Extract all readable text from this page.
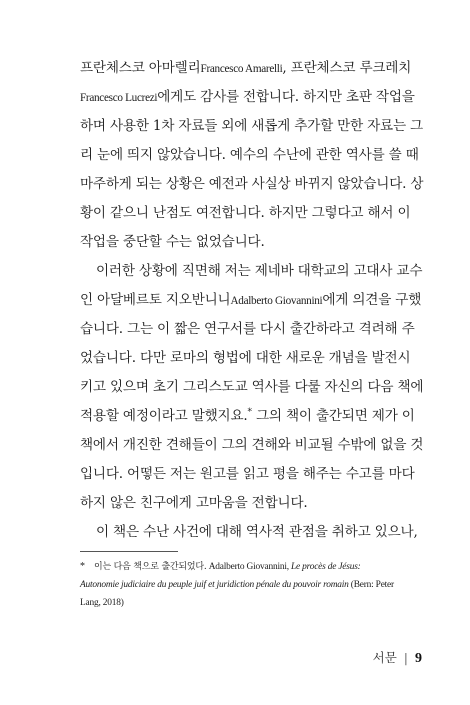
프란체스코 아마렐리Francesco Amarelli, 프란체스코 루크레치
Francesco Lucrezi에게도 감사를 전합니다. 하지만 초판 작업을
하며 사용한 1차 자료들 외에 새롭게 추가할 만한 자료는 그
리 눈에 띄지 않았습니다. 예수의 수난에 관한 역사를 쓸 때
마주하게 되는 상황은 예전과 사실상 바뀌지 않았습니다. 상
황이 같으니 난점도 여전합니다. 하지만 그렇다고 해서 이
작업을 중단할 수는 없었습니다.
이러한 상황에 직면해 저는 제네바 대학교의 고대사 교수
인 아달베르토 지오반니니Adalberto Giovannini에게 의견을 구했
습니다. 그는 이 짧은 연구서를 다시 출간하라고 격려해 주
었습니다. 다만 로마의 형법에 대한 새로운 개념을 발전시
키고 있으며 초기 그리스도교 역사를 다룰 자신의 다음 책에
적용할 예정이라고 말했지요.* 그의 책이 출간되면 제가 이
책에서 개진한 견해들이 그의 견해와 비교될 수밖에 없을 것
입니다. 어떻든 저는 원고를 읽고 평을 해주는 수고를 마다
하지 않은 친구에게 고마움을 전합니다.
이 책은 수난 사건에 대해 역사적 관점을 취하고 있으나,
* 이는 다음 책으로 출간되었다. Adalberto Giovannini, Le procès de Jésus:
Autonomie judiciaire du peuple juif et juridiction pénale du pouvoir romain (Bern: Peter
Lang, 2018)
서문 | 9
